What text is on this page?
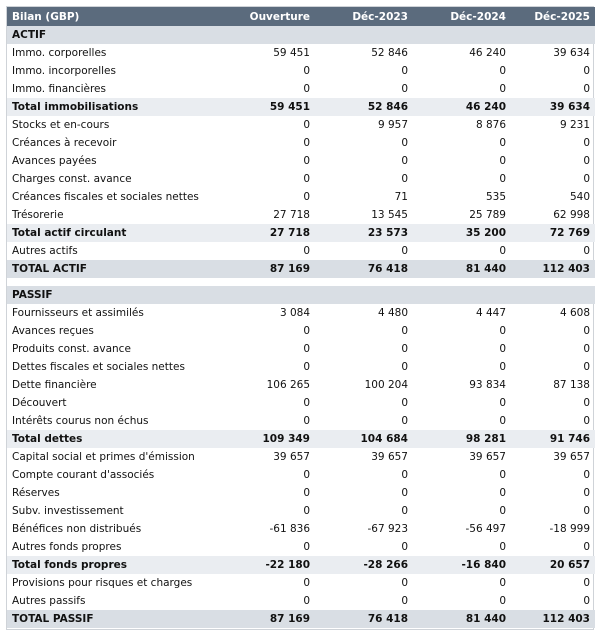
Bilan (GBP)	Ouverture	Déc-2023	Déc-2024	Déc-2025
ACTIF				
Immo. corporelles	59 451	52 846	46 240	39 634
Immo. incorporelles	0	0	0	0
Immo. financières	0	0	0	0
Total immobilisations	59 451	52 846	46 240	39 634
Stocks et en-cours	0	9 957	8 876	9 231
Créances à recevoir	0	0	0	0
Avances payées	0	0	0	0
Charges const. avance	0	0	0	0
Créances fiscales et sociales nettes	0	71	535	540
Trésorerie	27 718	13 545	25 789	62 998
Total actif circulant	27 718	23 573	35 200	72 769
Autres actifs	0	0	0	0
TOTAL ACTIF	87 169	76 418	81 440	112 403

PASSIF				
Fournisseurs et assimilés	3 084	4 480	4 447	4 608
Avances reçues	0	0	0	0
Produits const. avance	0	0	0	0
Dettes fiscales et sociales nettes	0	0	0	0
Dette financière	106 265	100 204	93 834	87 138
Découvert	0	0	0	0
Intérêts courus non échus	0	0	0	0
Total dettes	109 349	104 684	98 281	91 746
Capital social et primes d'émission	39 657	39 657	39 657	39 657
Compte courant d'associés	0	0	0	0
Réserves	0	0	0	0
Subv. investissement	0	0	0	0
Bénéfices non distribués	-61 836	-67 923	-56 497	-18 999
Autres fonds propres	0	0	0	0
Total fonds propres	-22 180	-28 266	-16 840	20 657
Provisions pour risques et charges	0	0	0	0
Autres passifs	0	0	0	0
TOTAL PASSIF	87 169	76 418	81 440	112 403
